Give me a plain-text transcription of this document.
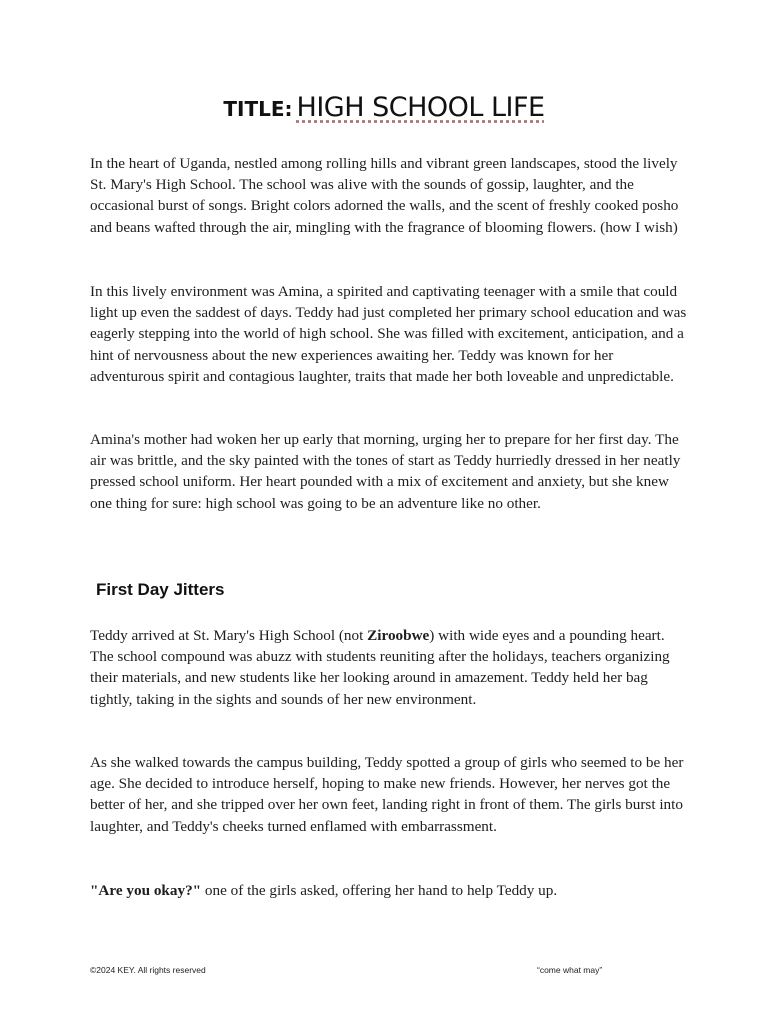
TITLE: HIGH SCHOOL LIFE

In the heart of Uganda, nestled among rolling hills and vibrant green landscapes, stood the lively St. Mary's High School. The school was alive with the sounds of gossip, laughter, and the occasional burst of songs. Bright colors adorned the walls, and the scent of freshly cooked posho and beans wafted through the air, mingling with the fragrance of blooming flowers. (how I wish)

In this lively environment was Amina, a spirited and captivating teenager with a smile that could light up even the saddest of days. Teddy had just completed her primary school education and was eagerly stepping into the world of high school. She was filled with excitement, anticipation, and a hint of nervousness about the new experiences awaiting her. Teddy was known for her adventurous spirit and contagious laughter, traits that made her both loveable and unpredictable.

Amina's mother had woken her up early that morning, urging her to prepare for her first day. The air was brittle, and the sky painted with the tones of start as Teddy hurriedly dressed in her neatly pressed school uniform. Her heart pounded with a mix of excitement and anxiety, but she knew one thing for sure: high school was going to be an adventure like no other.

First Day Jitters

Teddy arrived at St. Mary's High School (not Ziroobwe) with wide eyes and a pounding heart. The school compound was abuzz with students reuniting after the holidays, teachers organizing their materials, and new students like her looking around in amazement. Teddy held her bag tightly, taking in the sights and sounds of her new environment.

As she walked towards the campus building, Teddy spotted a group of girls who seemed to be her age. She decided to introduce herself, hoping to make new friends. However, her nerves got the better of her, and she tripped over her own feet, landing right in front of them. The girls burst into laughter, and Teddy's cheeks turned enflamed with embarrassment.

"Are you okay?" one of the girls asked, offering her hand to help Teddy up.

©2024 KEY. All rights reserved	“come what may”
